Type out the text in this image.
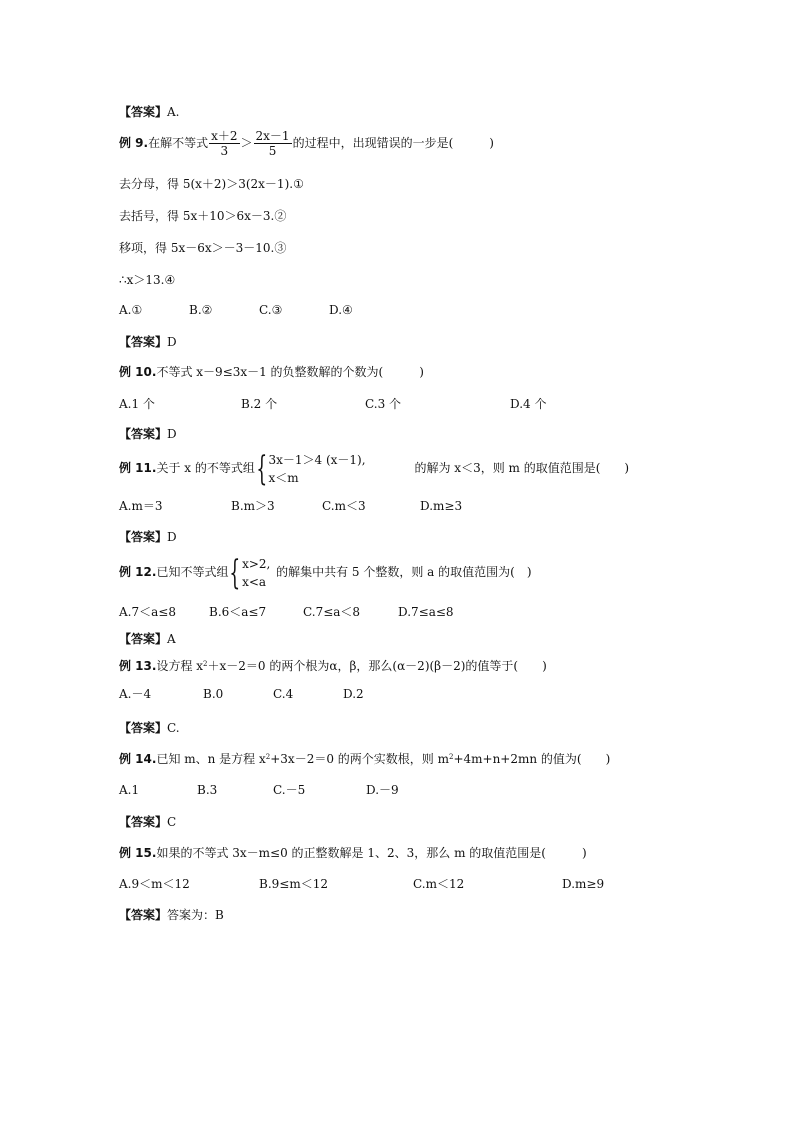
【答案】A.
例 9.在解不等式 $\frac{x+2}{3} > \frac{2x-1}{5}$ 的过程中，出现错误的一步是(　　　)
去分母，得 5(x＋2)＞3(2x－1).①
去括号，得 5x＋10＞6x－3.②
移项，得 5x－6x＞－3－10.③
∴x＞13.④
A.①	B.②	C.③	D.④
【答案】D
例 10.不等式 x－9≤3x－1 的负整数解的个数为(　　　)
A.1 个	B.2 个	C.3 个	D.4 个
【答案】D
例 11.关于 x 的不等式组{ 3x－1＞4 (x－1),
x＜m
的解为 x＜3，则 m 的取值范围是(　　)
A.m＝3	B.m＞3	C.m＜3	D.m≥3
【答案】D
例 12.已知不等式组{ x>2,
x<a
的解集中共有 5 个整数，则 a 的取值范围为(　)
A.7＜a≤8	B.6＜a≤7	C.7≤a＜8	D.7≤a≤8
【答案】A
例 13.设方程 $x^2+x-2=0$ 的两个根为α，β，那么(α－2)(β－2)的值等于(　　)
A.－4	B.0	C.4	D.2
【答案】C.
例 14.已知 m、n 是方程 $x^2+3x-2=0$ 的两个实数根，则 $m^2+4m+n+2mn$ 的值为(　　)
A.1	B.3	C.－5	D.－9
【答案】C
例 15.如果的不等式 3x－m≤0 的正整数解是 1、2、3，那么 m 的取值范围是(　　　)
A.9＜m＜12	B.9≤m＜12	C.m＜12	D.m≥9
【答案】答案为：B
